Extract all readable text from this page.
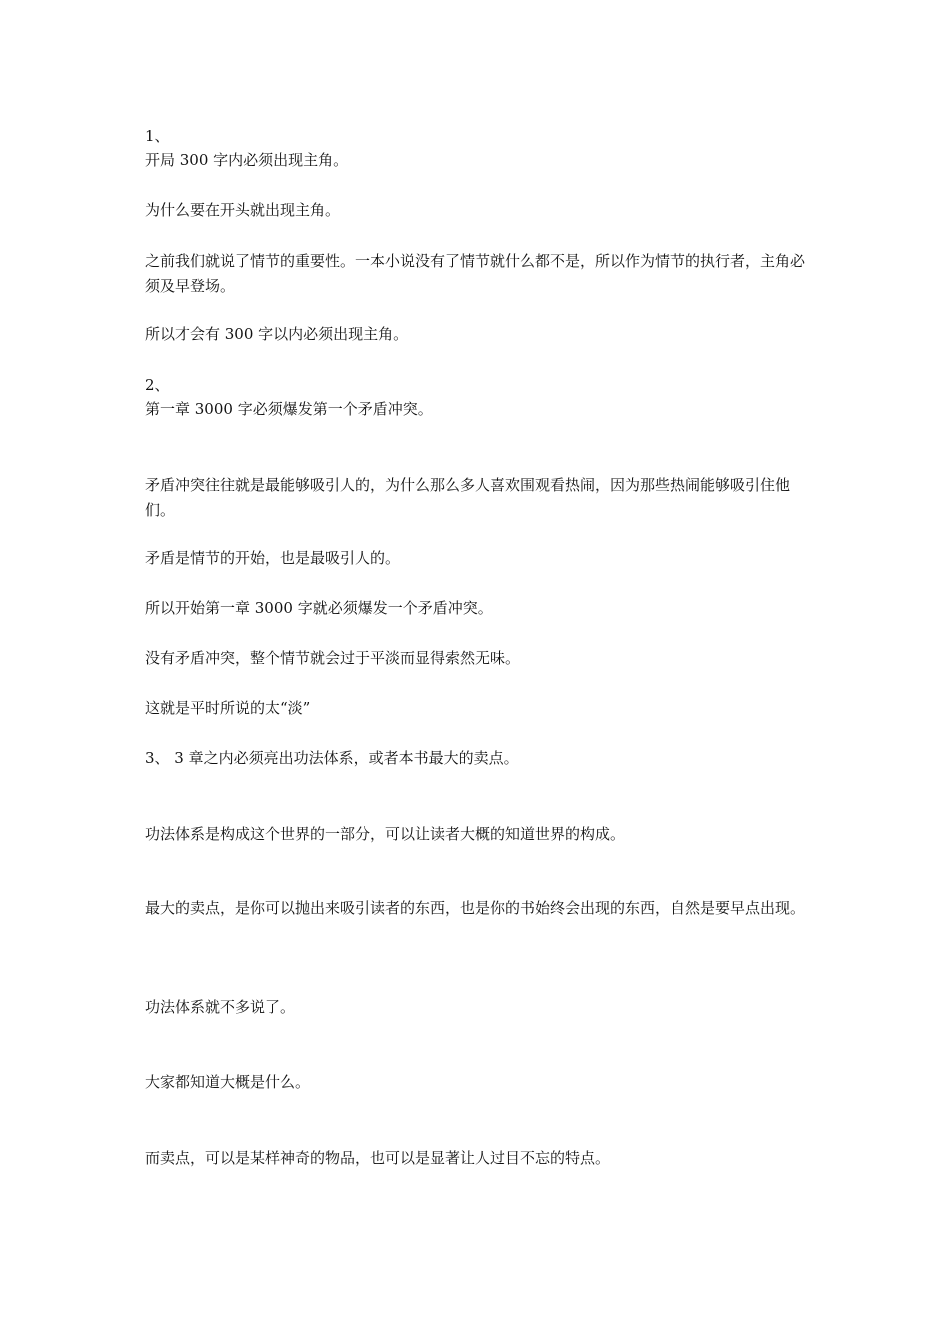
1、
开局 300 字内必须出现主角。
为什么要在开头就出现主角。
之前我们就说了情节的重要性。一本小说没有了情节就什么都不是，所以作为情节的执行者，主角必须及早登场。
所以才会有 300 字以内必须出现主角。
2、
第一章 3000 字必须爆发第一个矛盾冲突。
矛盾冲突往往就是最能够吸引人的，为什么那么多人喜欢围观看热闹，因为那些热闹能够吸引住他们。
矛盾是情节的开始，也是最吸引人的。
所以开始第一章 3000 字就必须爆发一个矛盾冲突。
没有矛盾冲突，整个情节就会过于平淡而显得索然无味。
这就是平时所说的太“淡”
3、 3 章之内必须亮出功法体系，或者本书最大的卖点。
功法体系是构成这个世界的一部分，可以让读者大概的知道世界的构成。
最大的卖点，是你可以抛出来吸引读者的东西，也是你的书始终会出现的东西，自然是要早点出现。
功法体系就不多说了。
大家都知道大概是什么。
而卖点，可以是某样神奇的物品，也可以是显著让人过目不忘的特点。
